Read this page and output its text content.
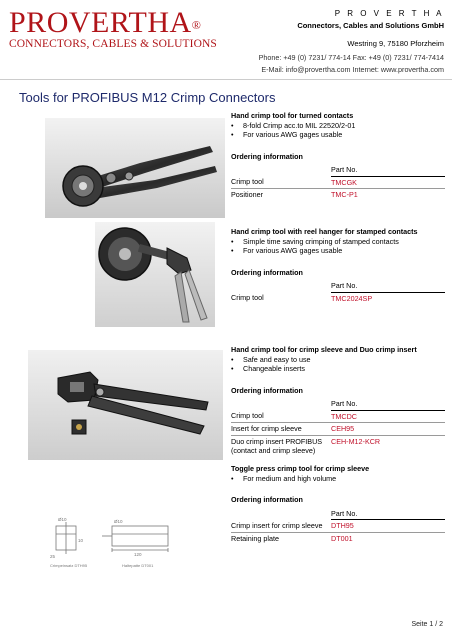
PROVERTHA®
CONNECTORS, CABLES & SOLUTIONS
P R O V E R T H A
Connectors, Cables and Solutions GmbH
Westring 9, 75180 Pforzheim
Phone: +49 (0) 7231/ 774-14 Fax: +49 (0) 7231/ 774-7414
E-Mail: info@provertha.com Internet: www.provertha.com
Tools for PROFIBUS M12 Crimp Connectors
Hand crimp tool for turned contacts
•	8-fold Crimp acc.to MIL 22520/2-01
•	For various AWG gages usable
Ordering information
	Part No.
Crimp tool	TMCGK
Positioner	TMC-P1
Hand crimp tool with reel hanger for stamped contacts
•	Simple time saving crimping of stamped contacts
•	For various AWG gages usable
Ordering information
	Part No.
Crimp tool	TMC2024SP
Hand crimp tool for crimp sleeve and Duo crimp insert
•	Safe and easy to use
•	Changeable inserts
Ordering information
	Part No.
Crimp tool	TMCDC
Insert for crimp sleeve	CEH95
Duo crimp insert PROFIBUS (contact and crimp sleeve)	CEH-M12-KCR
Toggle press crimp tool for crimp sleeve
•	For medium and high volume
Ordering information
	Part No.
Crimp insert for crimp sleeve	DTH95
Retaining plate	DT001
Ø10	Ø10
10
25	120
Crimpeinsatz DTH95	Haltepatte DT001
Seite 1 / 2
